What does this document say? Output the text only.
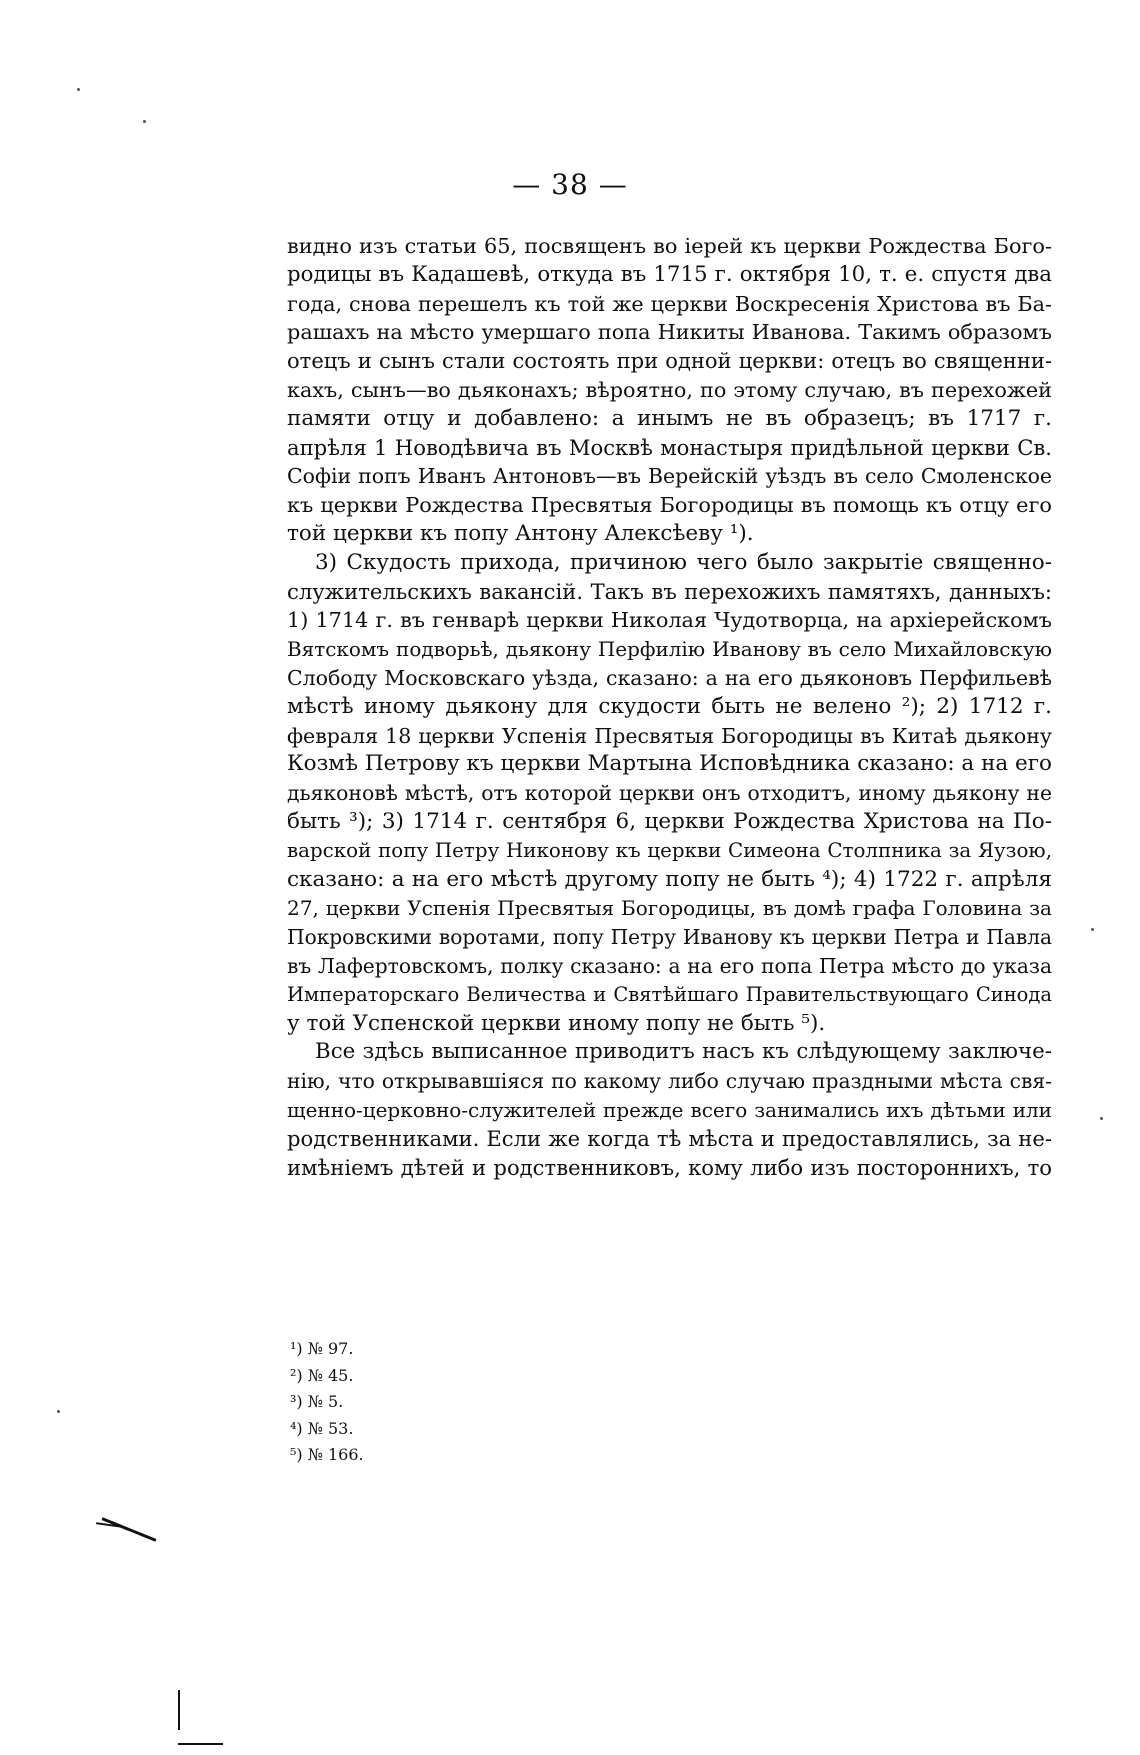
— 38 —

видно изъ статьи 65, посвященъ во іерей къ церкви Рождества Бого-
родицы въ Кадашевѣ, откуда въ 1715 г. октября 10, т. е. спустя два
года, снова перешелъ къ той же церкви Воскресенія Христова въ Ба-
рашахъ на мѣсто умершаго попа Никиты Иванова. Такимъ образомъ
отецъ и сынъ стали состоять при одной церкви: отецъ во священни-
кахъ, сынъ—во дьяконахъ; вѣроятно, по этому случаю, въ перехожей
памяти отцу и добавлено: а инымъ не въ образецъ; въ 1717 г.
апрѣля 1 Новодѣвича въ Москвѣ монастыря придѣльной церкви Св.
Софіи попъ Иванъ Антоновъ—въ Верейскій уѣздъ въ село Смоленское
къ церкви Рождества Пресвятыя Богородицы въ помощь къ отцу его
той церкви къ попу Антону Алексѣеву ¹).

3) Скудость прихода, причиною чего было закрытіе священно-
служительскихъ вакансій. Такъ въ перехожихъ памятяхъ, данныхъ:
1) 1714 г. въ генварѣ церкви Николая Чудотворца, на архіерейскомъ
Вятскомъ подворьѣ, дьякону Перфилію Иванову въ село Михайловскую
Слободу Московскаго уѣзда, сказано: а на его дьяконовъ Перфильевѣ
мѣстѣ иному дьякону для скудости быть не велено ²); 2) 1712 г.
февраля 18 церкви Успенія Пресвятыя Богородицы въ Китаѣ дьякону
Козмѣ Петрову къ церкви Мартына Исповѣдника сказано: а на его
дьяконовѣ мѣстѣ, отъ которой церкви онъ отходитъ, иному дьякону не
быть ³); 3) 1714 г. сентября 6, церкви Рождества Христова на По-
варской попу Петру Никонову къ церкви Симеона Столпника за Яузою,
сказано: а на его мѣстѣ другому попу не быть ⁴); 4) 1722 г. апрѣля
27, церкви Успенія Пресвятыя Богородицы, въ домѣ графа Головина за
Покровскими воротами, попу Петру Иванову къ церкви Петра и Павла
въ Лафертовскомъ, полку сказано: а на его попа Петра мѣсто до указа
Императорскаго Величества и Святѣйшаго Правительствующаго Синода
у той Успенской церкви иному попу не быть ⁵).

Все здѣсь выписанное приводитъ насъ къ слѣдующему заключе-
нію, что открывавшіяся по какому либо случаю праздными мѣста свя-
щенно-церковно-служителей прежде всего занимались ихъ дѣтьми или
родственниками. Если же когда тѣ мѣста и предоставлялись, за не-
имѣніемъ дѣтей и родственниковъ, кому либо изъ постороннихъ, то

¹) № 97.
²) № 45.
³) № 5.
⁴) № 53.
⁵) № 166.
